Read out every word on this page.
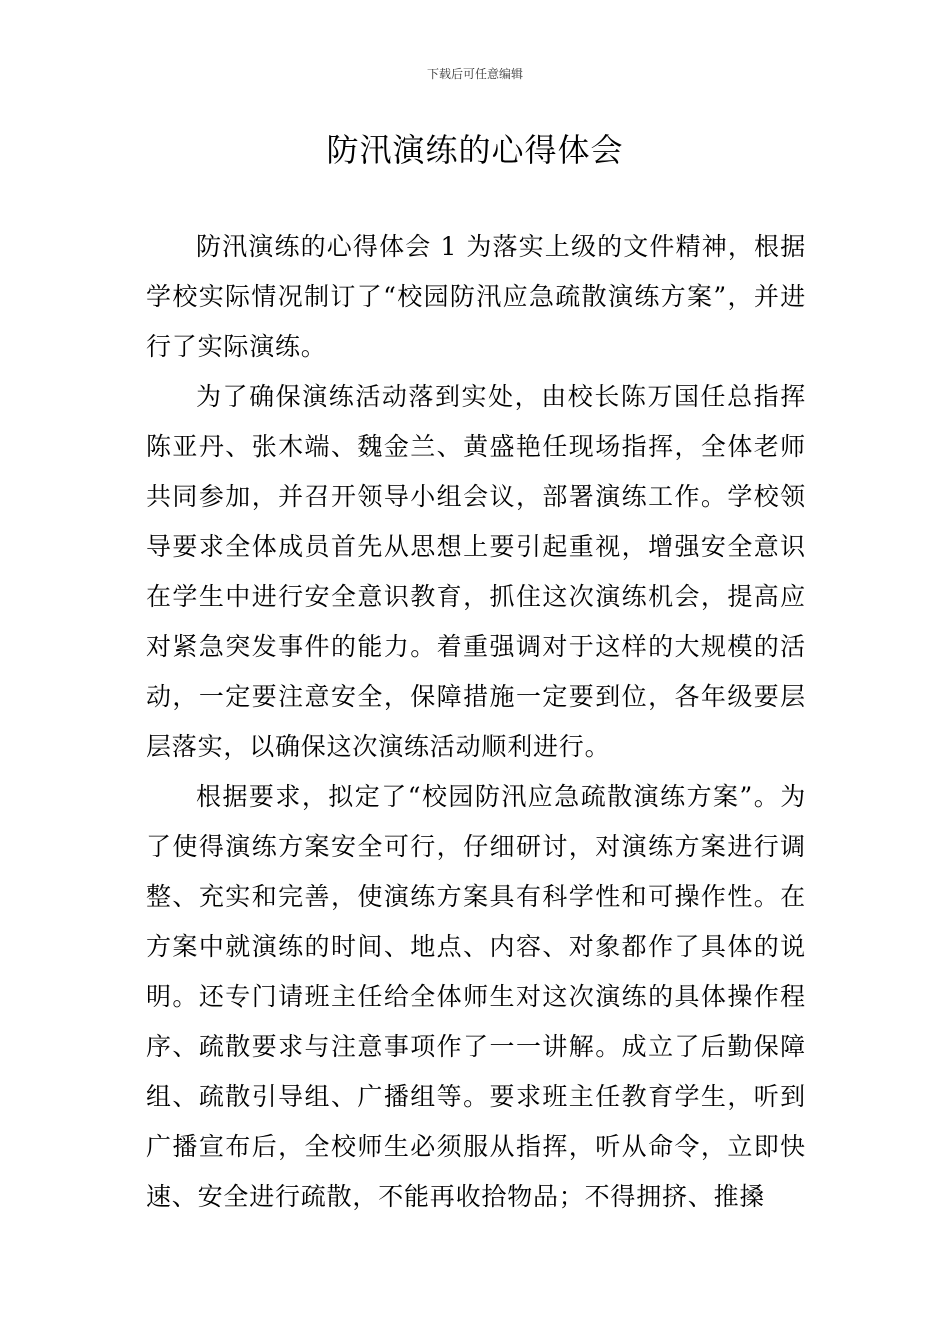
下载后可任意编辑
防汛演练的心得体会

防汛演练的心得体会 1 为落实上级的文件精神，根据学校实际情况制订了“校园防汛应急疏散演练方案”，并进行了实际演练。

为了确保演练活动落到实处，由校长陈万国任总指挥陈亚丹、张木端、魏金兰、黄盛艳任现场指挥，全体老师共同参加，并召开领导小组会议，部署演练工作。学校领导要求全体成员首先从思想上要引起重视，增强安全意识在学生中进行安全意识教育，抓住这次演练机会，提高应对紧急突发事件的能力。着重强调对于这样的大规模的活动，一定要注意安全，保障措施一定要到位，各年级要层层落实，以确保这次演练活动顺利进行。

根据要求，拟定了“校园防汛应急疏散演练方案”。为了使得演练方案安全可行，仔细研讨，对演练方案进行调整、充实和完善，使演练方案具有科学性和可操作性。在方案中就演练的时间、地点、内容、对象都作了具体的说明。还专门请班主任给全体师生对这次演练的具体操作程序、疏散要求与注意事项作了一一讲解。成立了后勤保障组、疏散引导组、广播组等。要求班主任教育学生，听到广播宣布后，全校师生必须服从指挥，听从命令，立即快速、安全进行疏散，不能再收拾物品；不得拥挤、推搡
